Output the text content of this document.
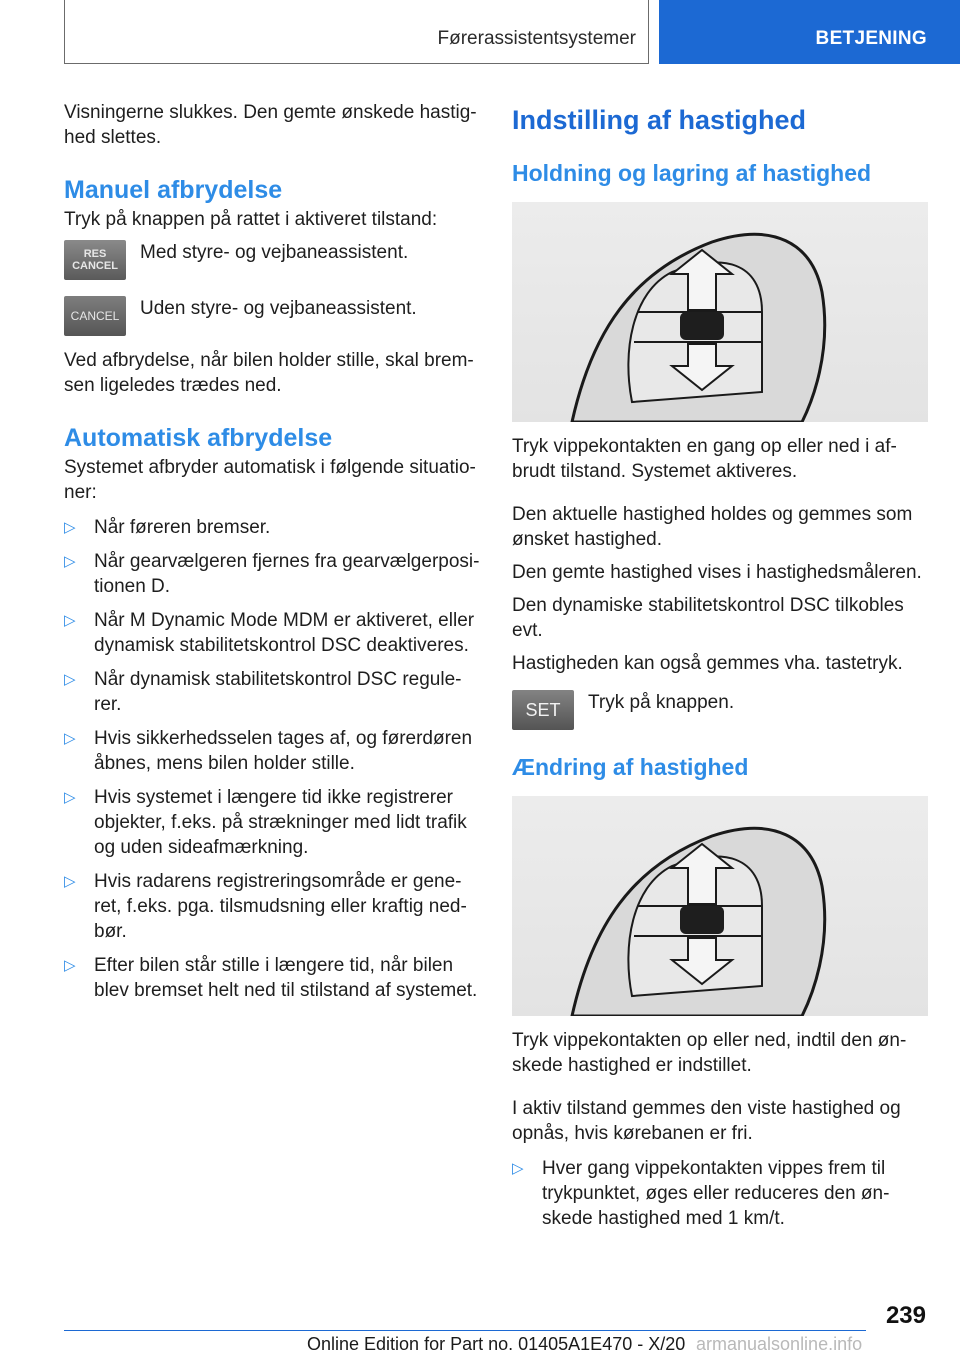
Førerassistentsystemer	BETJENING

Visningerne slukkes. Den gemte ønskede hastig‐hed slettes.

Manuel afbrydelse

Tryk på knappen på rattet i aktiveret tilstand:

RES CANCEL

Med styre- og vejbaneassistent.

CANCEL	Uden styre- og vejbaneassistent.

Ved afbrydelse, når bilen holder stille, skal brem‐sen ligeledes trædes ned.

Automatisk afbrydelse

Systemet afbryder automatisk i følgende situatio‐ner:

▷ Når føreren bremser.
▷ Når gearvælgeren fjernes fra gearvælgerposi‐tionen D.
▷ Når M Dynamic Mode MDM er aktiveret, eller dynamisk stabilitetskontrol DSC deaktiveres.
▷ Når dynamisk stabilitetskontrol DSC regule‐rer.
▷ Hvis sikkerhedsselen tages af, og førerdøren åbnes, mens bilen holder stille.
▷ Hvis systemet i længere tid ikke registrerer objekter, f.eks. på strækninger med lidt trafik og uden sideafmærkning.
▷ Hvis radarens registreringsområde er gene‐ret, f.eks. pga. tilsmudsning eller kraftig ned‐bør.
▷ Efter bilen står stille i længere tid, når bilen blev bremset helt ned til stilstand af systemet.
Indstilling af hastighed
Holdning og lagring af hastighed

Tryk vippekontakten en gang op eller ned i af‐brudt tilstand. Systemet aktiveres.

Den aktuelle hastighed holdes og gemmes som ønsket hastighed.

Den gemte hastighed vises i hastighedsmåleren.

Den dynamiske stabilitetskontrol DSC tilkobles evt.

Hastigheden kan også gemmes vha. tastetryk.

SET	Tryk på knappen.

Ændring af hastighed

Tryk vippekontakten op eller ned, indtil den øn‐skede hastighed er indstillet.

I aktiv tilstand gemmes den viste hastighed og opnås, hvis kørebanen er fri.

▷ Hver gang vippekontakten vippes frem til trykpunktet, øges eller reduceres den øn‐skede hastighed med 1 km/t.
239
Online Edition for Part no. 01405A1E470 - X/20 armanualsonline.info
